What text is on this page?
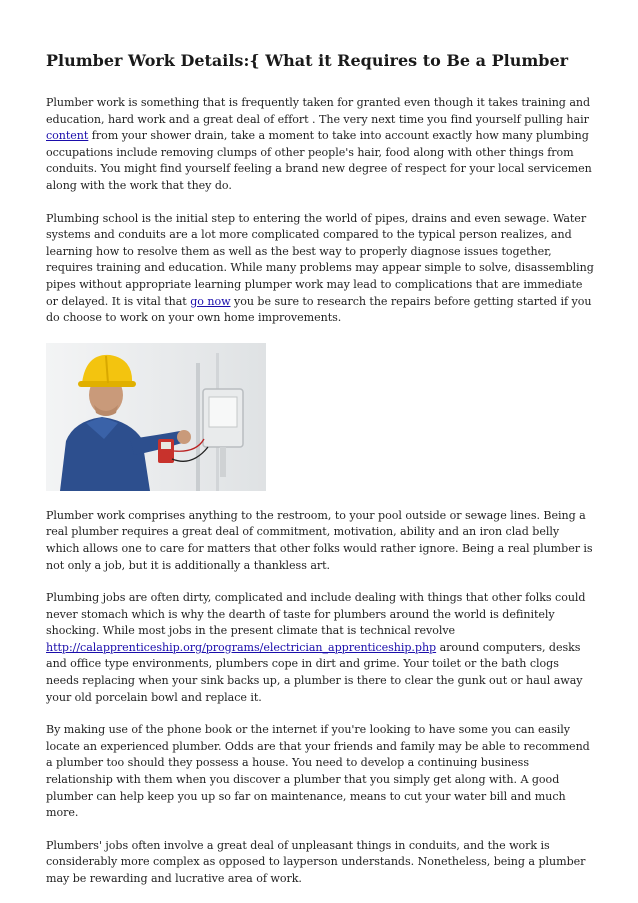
Plumber Work Details:{ What it Requires to Be a Plumber

Plumber work is something that is frequently taken for granted even though it takes training and education, hard work and a great deal of effort . The very next time you find yourself pulling hair content from your shower drain, take a moment to take into account exactly how many plumbing occupations include removing clumps of other people's hair, food along with other things from conduits. You might find yourself feeling a brand new degree of respect for your local servicemen along with the work that they do.

Plumbing school is the initial step to entering the world of pipes, drains and even sewage. Water systems and conduits are a lot more complicated compared to the typical person realizes, and learning how to resolve them as well as the best way to properly diagnose issues together, requires training and education. While many problems may appear simple to solve, disassembling pipes without appropriate learning plumper work may lead to complications that are immediate or delayed. It is vital that go now you be sure to research the repairs before getting started if you do choose to work on your own home improvements.

Plumber work comprises anything to the restroom, to your pool outside or sewage lines. Being a real plumber requires a great deal of commitment, motivation, ability and an iron clad belly which allows one to care for matters that other folks would rather ignore. Being a real plumber is not only a job, but it is additionally a thankless art.

Plumbing jobs are often dirty, complicated and include dealing with things that other folks could never stomach which is why the dearth of taste for plumbers around the world is definitely shocking. While most jobs in the present climate that is technical revolve http://calapprenticeship.org/programs/electrician_apprenticeship.php around computers, desks and office type environments, plumbers cope in dirt and grime. Your toilet or the bath clogs needs replacing when your sink backs up, a plumber is there to clear the gunk out or haul away your old porcelain bowl and replace it.

By making use of the phone book or the internet if you're looking to have some you can easily locate an experienced plumber. Odds are that your friends and family may be able to recommend a plumber too should they possess a house. You need to develop a continuing business relationship with them when you discover a plumber that you simply get along with. A good plumber can help keep you up so far on maintenance, means to cut your water bill and much more.

Plumbers' jobs often involve a great deal of unpleasant things in conduits, and the work is considerably more complex as opposed to layperson understands. Nonetheless, being a plumber may be rewarding and lucrative area of work.
